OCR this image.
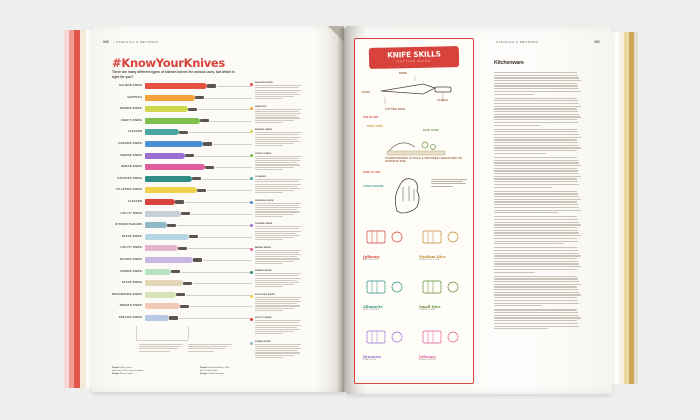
068 UTENSILS & METHODS
#KnowYourKnives
There are many different types of kitchen knives for various uses, but which is right for you?
SALMON KNIFE
SANTOKU
BONING KNIFE
CHEF'S KNIFE
CLEAVER
CARVING KNIFE
CHEESE KNIFE
BREAD KNIFE
SANTOKU KNIFE
FILLETING KNIFE
CLEAVER
UTILITY KNIFE
KITCHEN SHEARS
STEAK KNIFE
UTILITY KNIFE
SLICING KNIFE
PARING KNIFE
STEAK KNIFE
DECORATING KNIFE
TOMATO KNIFE
PEELING KNIFE
SALMON KNIFE
SANTOKU
BONING KNIFE
CHEF'S KNIFE
CLEAVER
CARVING KNIFE
CHEESE KNIFE
BREAD KNIFE
PARING KNIFE
FILLETING KNIFE
UTILITY KNIFE
STEAK KNIFE
Project Milton Stores
September 2014, United Kingdom
Design Wilson Cowles
Project Illustrated Edition, 2016
Art & United Studio
Design Heather Henshaw
UTENSILS & METHODS	069
KNIFE SKILLS
CUTTING GUIDE
POINT
SPINE
HANDLE
CUTTING EDGE
THE BLADE
DON'T GRIP
SAFE HAND
THUMB PRESSES AT BACK & PROVIDES FINGER GRIP ON OPPOSITE SIDE
HOW TO USE
YOUR FINGERS
Julienne
MATCHSTICK
Medium Dice
CUBES OF 1 CM
Allumette
THIN STRIPS
Small Dice
CUBES 6 MM
Brunoise
FINE DICE
Julienne
LONG STRIPS
Kitchenware
